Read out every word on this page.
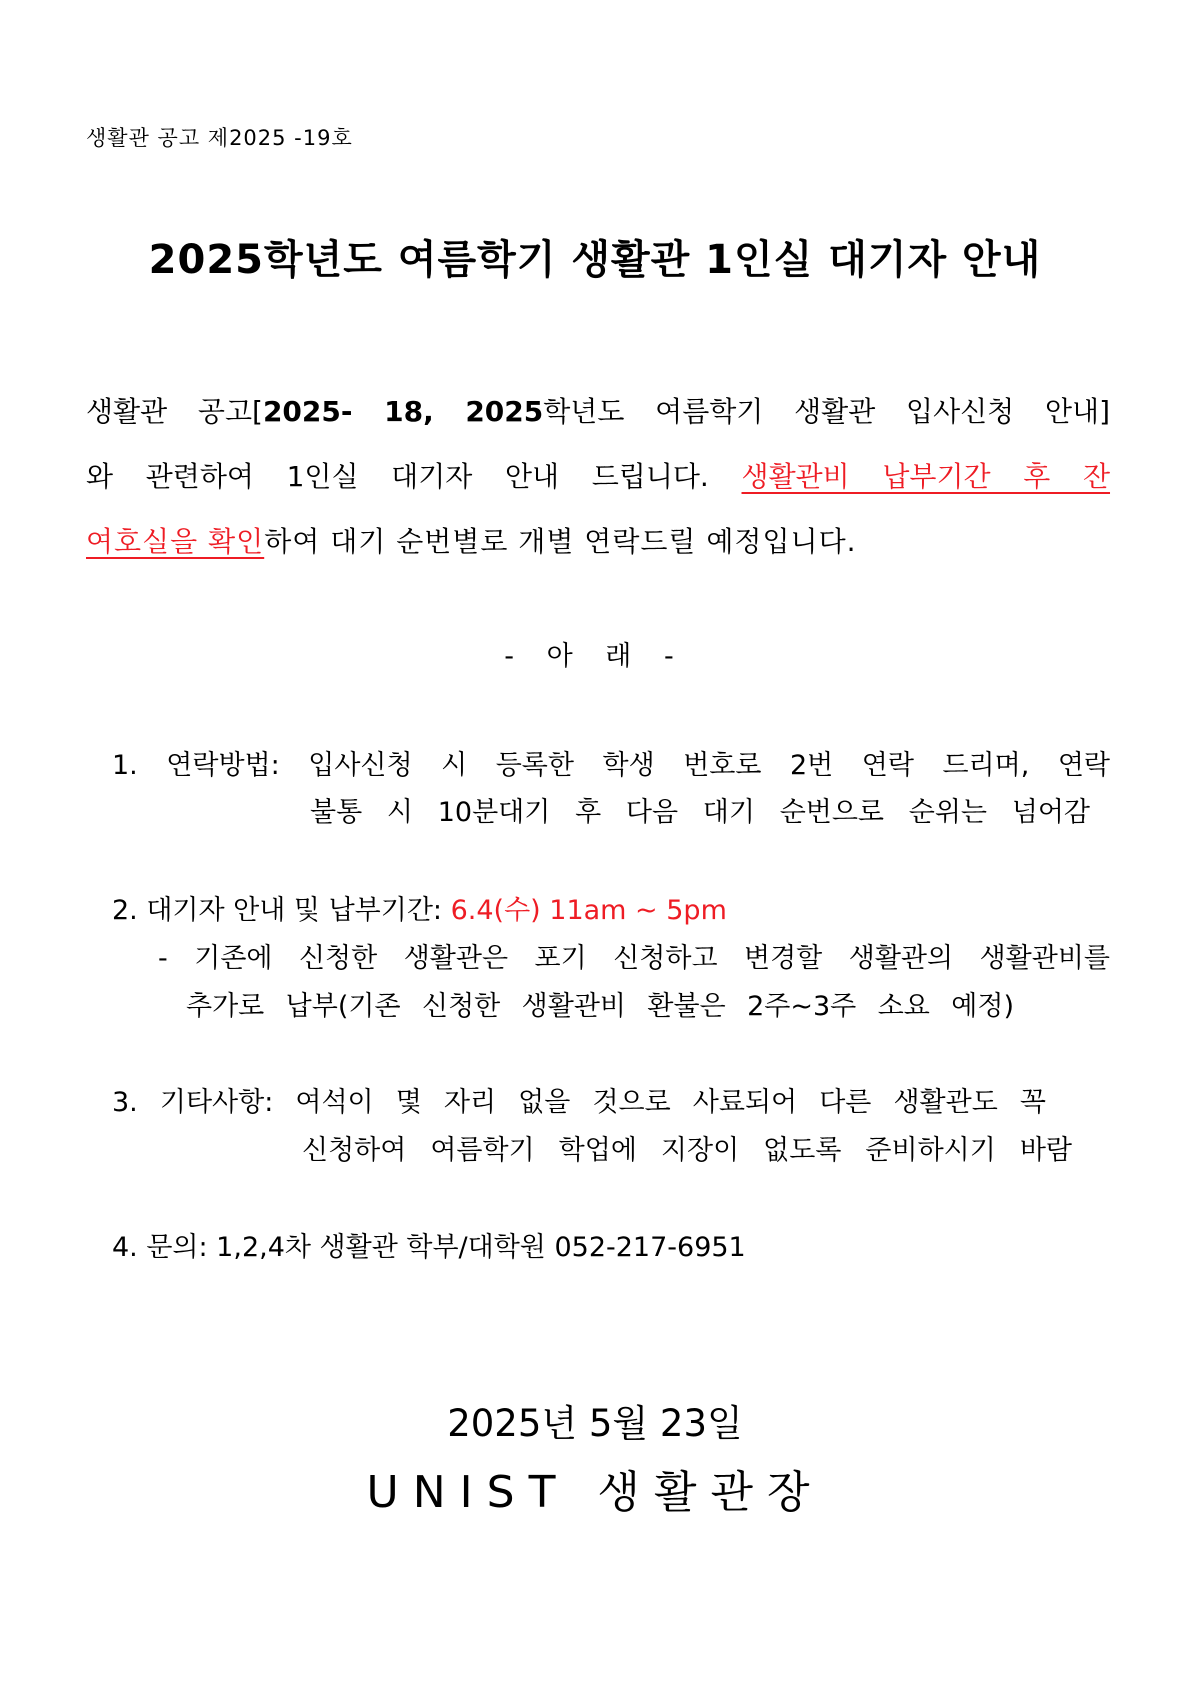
생활관 공고 제2025 -19호
2025학년도 여름학기 생활관 1인실 대기자 안내
생활관 공고[2025- 18, 2025학년도 여름학기 생활관 입사신청 안내]
와 관련하여 1인실 대기자 안내 드립니다. 생활관비 납부기간 후 잔
여호실을 확인하여 대기 순번별로 개별 연락드릴 예정입니다.
- 아 래 -
1. 연락방법: 입사신청 시 등록한 학생 번호로 2번 연락 드리며, 연락
불통 시 10분대기 후 다음 대기 순번으로 순위는 넘어감
2. 대기자 안내 및 납부기간: 6.4(수) 11am ~ 5pm
- 기존에 신청한 생활관은 포기 신청하고 변경할 생활관의 생활관비를
추가로 납부(기존 신청한 생활관비 환불은 2주~3주 소요 예정)
3. 기타사항: 여석이 몇 자리 없을 것으로 사료되어 다른 생활관도 꼭
신청하여 여름학기 학업에 지장이 없도록 준비하시기 바람
4. 문의: 1,2,4차 생활관 학부/대학원 052-217-6951
2025년 5월 23일
UNIST 생활관장
